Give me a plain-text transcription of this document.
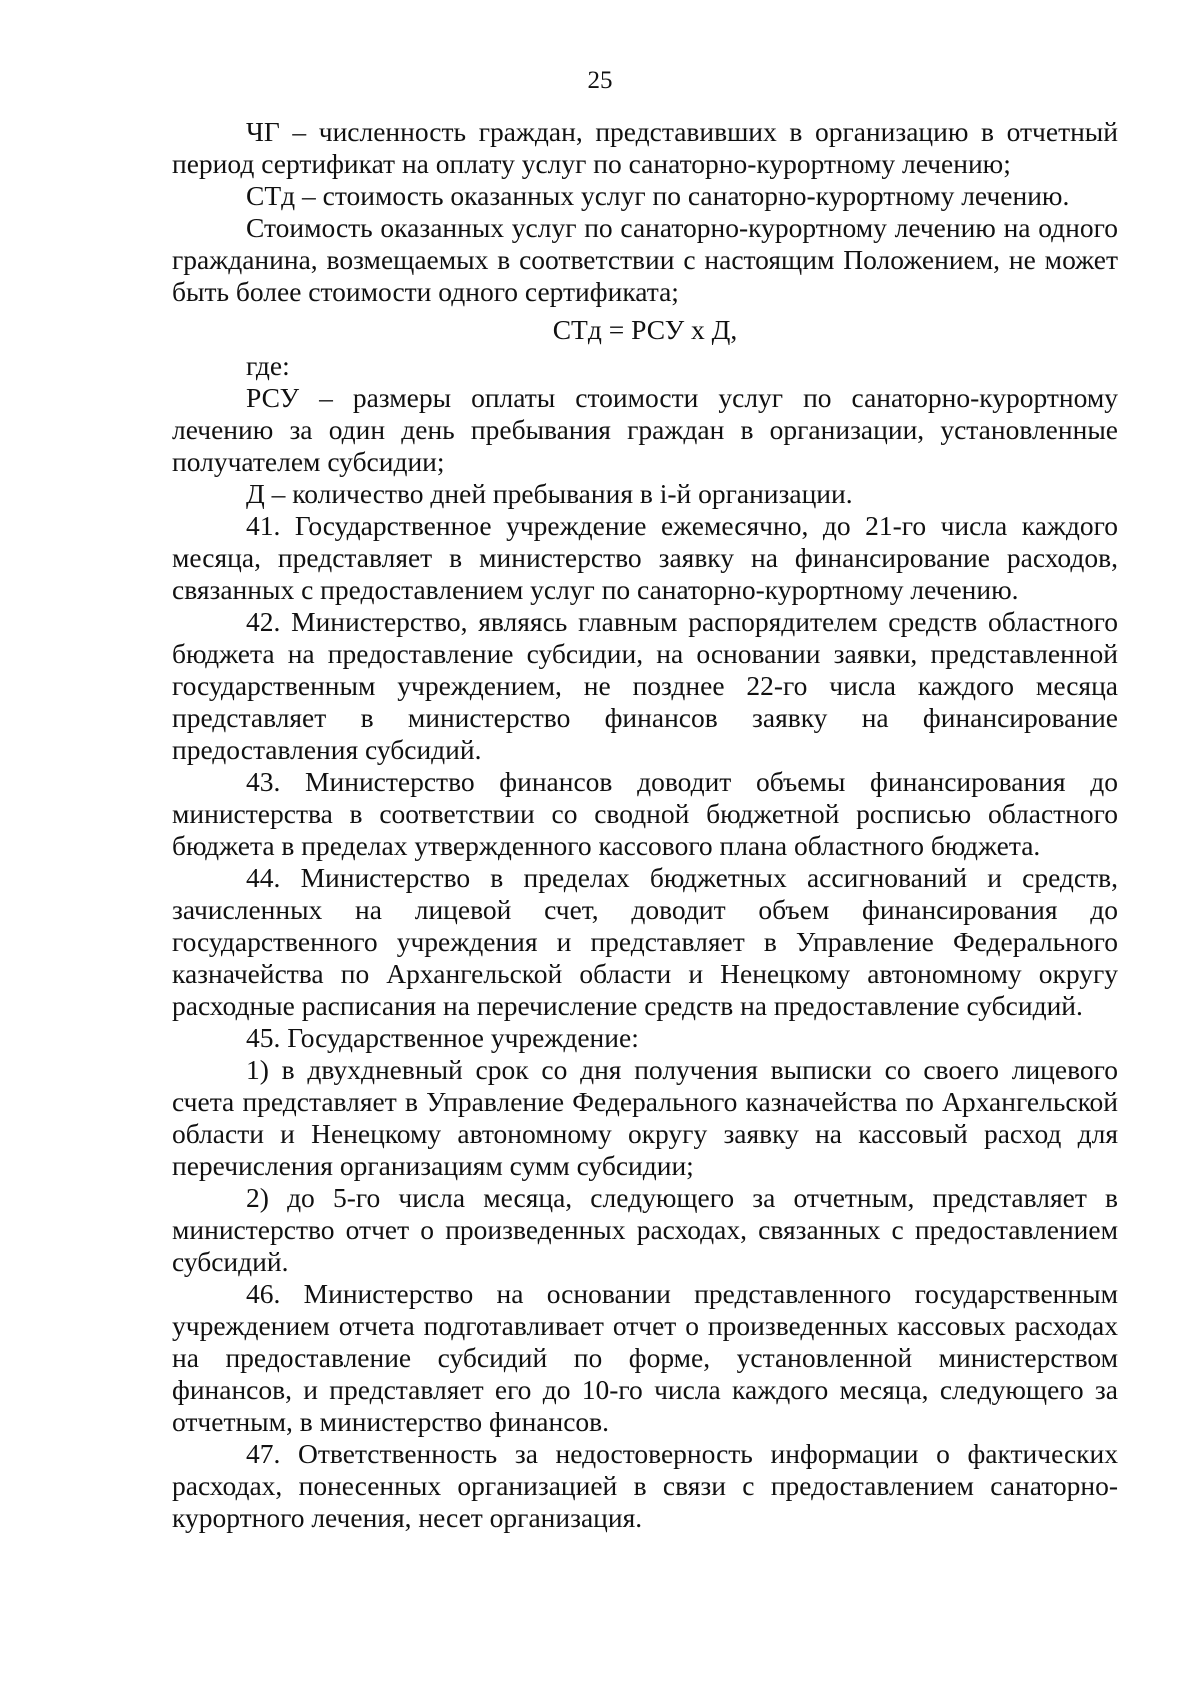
25

ЧГ – численность граждан, представивших в организацию в отчетный период сертификат на оплату услуг по санаторно-курортному лечению;

СТд – стоимость оказанных услуг по санаторно-курортному лечению.

Стоимость оказанных услуг по санаторно-курортному лечению на одного гражданина, возмещаемых в соответствии с настоящим Положением, не может быть более стоимости одного сертификата;

СТд = РСУ х Д,

где:

РСУ – размеры оплаты стоимости услуг по санаторно-курортному лечению за один день пребывания граждан в организации, установленные получателем субсидии;

Д – количество дней пребывания в i-й организации.

41. Государственное учреждение ежемесячно, до 21-го числа каждого месяца, представляет в министерство заявку на финансирование расходов, связанных с предоставлением услуг по санаторно-курортному лечению.

42. Министерство, являясь главным распорядителем средств областного бюджета на предоставление субсидии, на основании заявки, представленной государственным учреждением, не позднее 22-го числа каждого месяца представляет в министерство финансов заявку на финансирование предоставления субсидий.

43. Министерство финансов доводит объемы финансирования до министерства в соответствии со сводной бюджетной росписью областного бюджета в пределах утвержденного кассового плана областного бюджета.

44. Министерство в пределах бюджетных ассигнований и средств, зачисленных на лицевой счет, доводит объем финансирования до государственного учреждения и представляет в Управление Федерального казначейства по Архангельской области и Ненецкому автономному округу расходные расписания на перечисление средств на предоставление субсидий.

45. Государственное учреждение:

1) в двухдневный срок со дня получения выписки со своего лицевого счета представляет в Управление Федерального казначейства по Архангельской области и Ненецкому автономному округу заявку на кассовый расход для перечисления организациям сумм субсидии;

2) до 5-го числа месяца, следующего за отчетным, представляет в министерство отчет о произведенных расходах, связанных с предоставлением субсидий.

46. Министерство на основании представленного государственным учреждением отчета подготавливает отчет о произведенных кассовых расходах на предоставление субсидий по форме, установленной министерством финансов, и представляет его до 10-го числа каждого месяца, следующего за отчетным, в министерство финансов.

47. Ответственность за недостоверность информации о фактических расходах, понесенных организацией в связи с предоставлением санаторно-курортного лечения, несет организация.
